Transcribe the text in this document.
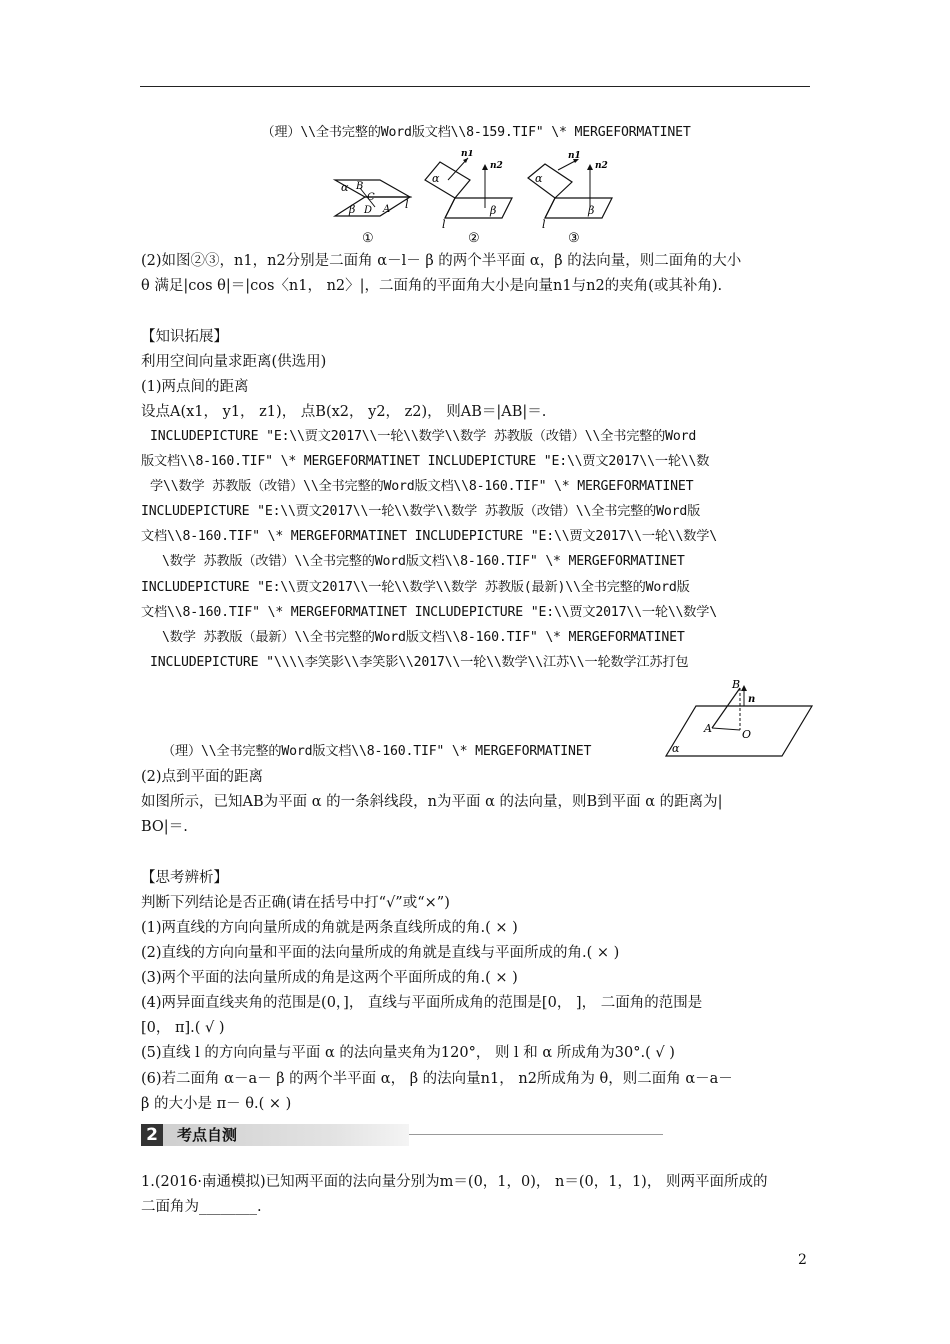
（理）\\全书完整的Word版文档\\8-159.TIF" \* MERGEFORMATINET
α B
C
A
β D	l
①
n1
n2
α
β
l
②
n1
n2
α
β
l
③
(2)如图②③，n1，n2分别是二面角 α－l－ β 的两个半平面 α，β 的法向量，则二面角的大小
θ 满足|cos θ|＝|cos〈n1， n2〉|，二面角的平面角大小是向量n1与n2的夹角(或其补角).
【知识拓展】
利用空间向量求距离(供选用)
(1)两点间的距离
设点A(x1， y1， z1)， 点B(x2， y2， z2)， 则AB＝|AB|＝.
INCLUDEPICTURE "E:\\贾文2017\\一轮\\数学\\数学 苏教版（改错）\\全书完整的Word
版文档\\8-160.TIF" \* MERGEFORMATINET INCLUDEPICTURE "E:\\贾文2017\\一轮\\数
学\\数学 苏教版（改错）\\全书完整的Word版文档\\8-160.TIF" \* MERGEFORMATINET
INCLUDEPICTURE "E:\\贾文2017\\一轮\\数学\\数学 苏教版（改错）\\全书完整的Word版
文档\\8-160.TIF" \* MERGEFORMATINET INCLUDEPICTURE "E:\\贾文2017\\一轮\\数学\
\数学 苏教版（改错）\\全书完整的Word版文档\\8-160.TIF" \* MERGEFORMATINET
INCLUDEPICTURE "E:\\贾文2017\\一轮\\数学\\数学 苏教版(最新)\\全书完整的Word版
文档\\8-160.TIF" \* MERGEFORMATINET INCLUDEPICTURE "E:\\贾文2017\\一轮\\数学\
\数学 苏教版（最新）\\全书完整的Word版文档\\8-160.TIF" \* MERGEFORMATINET
INCLUDEPICTURE "\\\\李笑影\\李笑影\\2017\\一轮\\数学\\江苏\\一轮数学江苏打包
B
n
A	O
α
（理）\\全书完整的Word版文档\\8-160.TIF" \* MERGEFORMATINET
(2)点到平面的距离
如图所示，已知AB为平面 α 的一条斜线段，n为平面 α 的法向量，则B到平面 α 的距离为|
BO|＝.
【思考辨析】
判断下列结论是否正确(请在括号中打“√”或“×”)
(1)两直线的方向向量所成的角就是两条直线所成的角.( × )
(2)直线的方向向量和平面的法向量所成的角就是直线与平面所成的角.( × )
(3)两个平面的法向量所成的角是这两个平面所成的角.( × )
(4)两异面直线夹角的范围是(0，]， 直线与平面所成角的范围是[0， ]， 二面角的范围是
[0， π].( √ )
(5)直线 l 的方向向量与平面 α 的法向量夹角为120°， 则 l 和 α 所成角为30°.( √ )
(6)若二面角 α－a－ β 的两个半平面 α， β 的法向量n1， n2所成角为 θ，则二面角 α－a－
β 的大小是 π－ θ.( × )
2	考点自测
1.(2016·南通模拟)已知两平面的法向量分别为m＝(0，1，0)， n＝(0，1，1)， 则两平面所成的
二面角为________.
2
